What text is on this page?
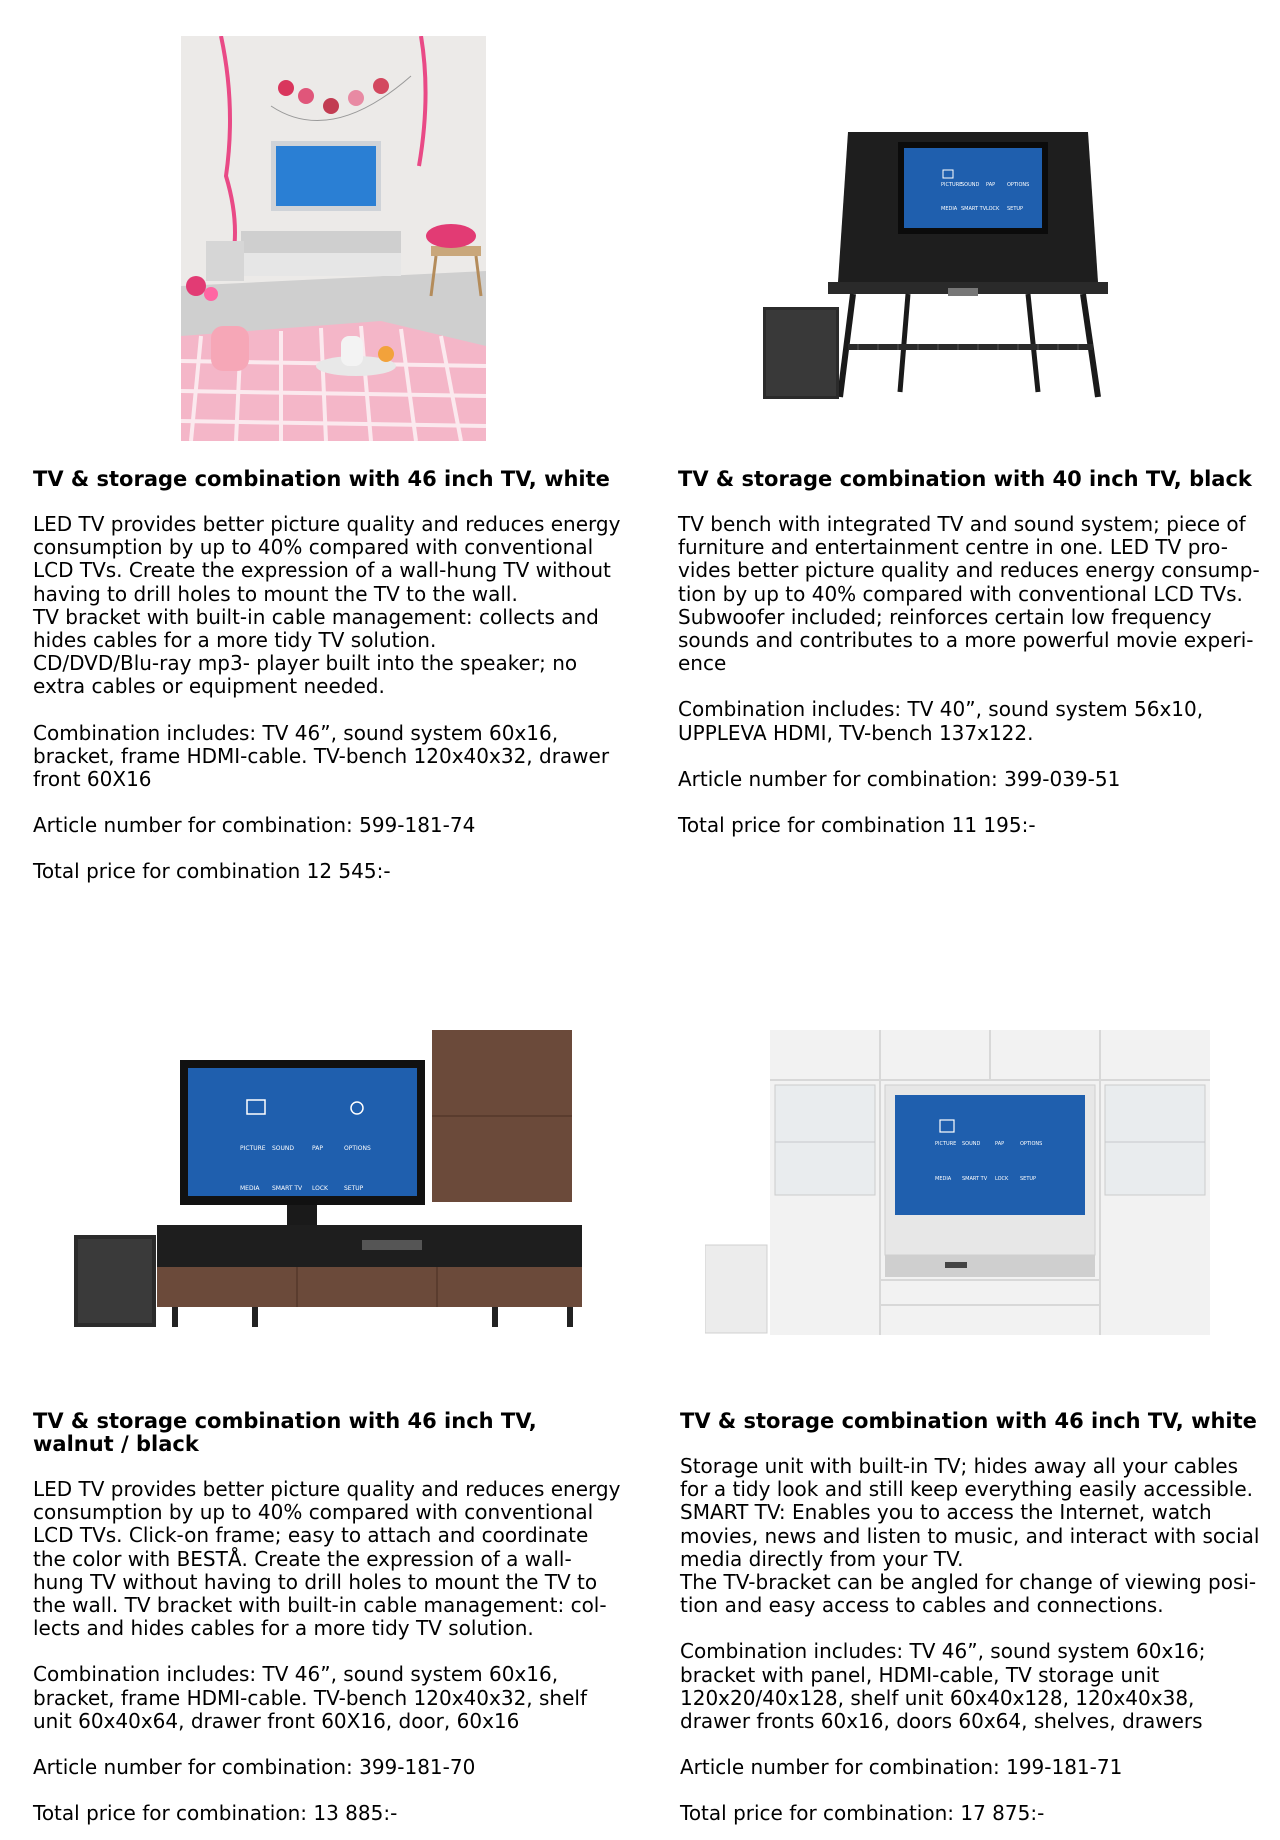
TV & storage combination with 46 inch TV, white

LED TV provides better picture quality and reduces energy

consumption by up to 40% compared with conventional

LCD TVs. Create the expression of a wall-hung TV without

having to drill holes to mount the TV to the wall.

TV bracket with built-in cable management: collects and

hides cables for a more tidy TV solution.

CD/DVD/Blu-ray mp3- player built into the speaker; no

extra cables or equipment needed.

Combination includes: TV 46”, sound system 60x16,

bracket, frame HDMI-cable. TV-bench 120x40x32, drawer

front 60X16

Article number for combination: 599-181-74

Total price for combination 12 545:-

PICTURE
SOUND PAP OPTIONS
MEDIA SMART TV LOCK SETUP

TV & storage combination with 40 inch TV, black

TV bench with integrated TV and sound system; piece of

furniture and entertainment centre in one. LED TV pro-

vides better picture quality and reduces energy consump-

tion by up to 40% compared with conventional LCD TVs.

Subwoofer included; reinforces certain low frequency

sounds and contributes to a more powerful movie experi-

ence

Combination includes: TV 40”, sound system 56x10,

UPPLEVA HDMI, TV-bench 137x122.

Article number for combination: 399-039-51

Total price for combination 11 195:-

PICTURE SOUND	PAP	OPTIONS
MEDIA SMART TV LOCK	SETUP

TV & storage combination with 46 inch TV,

walnut / black

LED TV provides better picture quality and reduces energy

consumption by up to 40% compared with conventional

LCD TVs. Click-on frame; easy to attach and coordinate

the color with BESTÅ. Create the expression of a wall-

hung TV without having to drill holes to mount the TV to

the wall. TV bracket with built-in cable management: col-

lects and hides cables for a more tidy TV solution.

Combination includes: TV 46”, sound system 60x16,

bracket, frame HDMI-cable. TV-bench 120x40x32, shelf

unit 60x40x64, drawer front 60X16, door, 60x16

Article number for combination: 399-181-70

Total price for combination: 13 885:-

PICTURE SOUND	PAP	OPTIONS
MEDIA SMART TV LOCK SETUP

TV & storage combination with 46 inch TV, white

Storage unit with built-in TV; hides away all your cables

for a tidy look and still keep everything easily accessible.

SMART TV: Enables you to access the Internet, watch

movies, news and listen to music, and interact with social

media directly from your TV.

The TV-bracket can be angled for change of viewing posi-

tion and easy access to cables and connections.

Combination includes: TV 46”, sound system 60x16;

bracket with panel, HDMI-cable, TV storage unit

120x20/40x128, shelf unit 60x40x128, 120x40x38,

drawer fronts 60x16, doors 60x64, shelves, drawers

Article number for combination: 199-181-71

Total price for combination: 17 875:-
